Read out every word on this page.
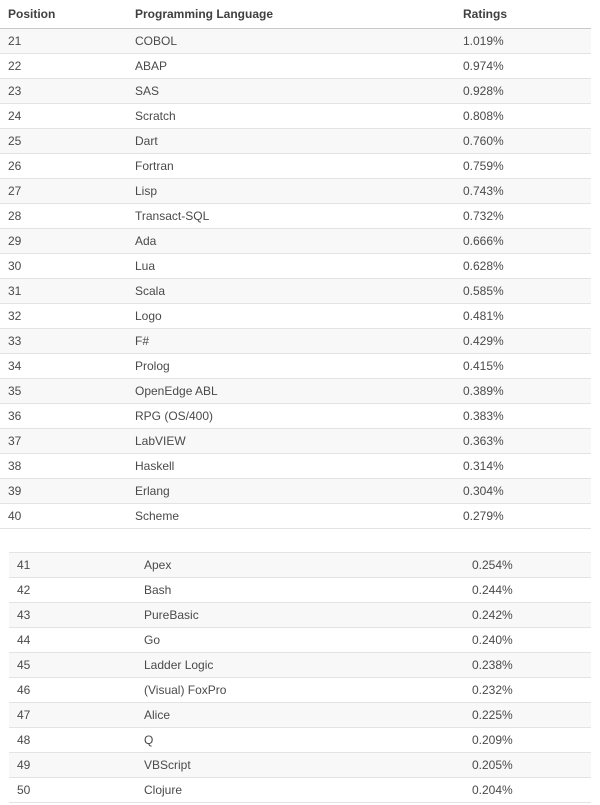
Position	Programming Language	Ratings
21	COBOL	1.019%
22	ABAP	0.974%
23	SAS	0.928%
24	Scratch	0.808%
25	Dart	0.760%
26	Fortran	0.759%
27	Lisp	0.743%
28	Transact-SQL	0.732%
29	Ada	0.666%
30	Lua	0.628%
31	Scala	0.585%
32	Logo	0.481%
33	F#	0.429%
34	Prolog	0.415%
35	OpenEdge ABL	0.389%
36	RPG (OS/400)	0.383%
37	LabVIEW	0.363%
38	Haskell	0.314%
39	Erlang	0.304%
40	Scheme	0.279%
41	Apex	0.254%
42	Bash	0.244%
43	PureBasic	0.242%
44	Go	0.240%
45	Ladder Logic	0.238%
46	(Visual) FoxPro	0.232%
47	Alice	0.225%
48	Q	0.209%
49	VBScript	0.205%
50	Clojure	0.204%
